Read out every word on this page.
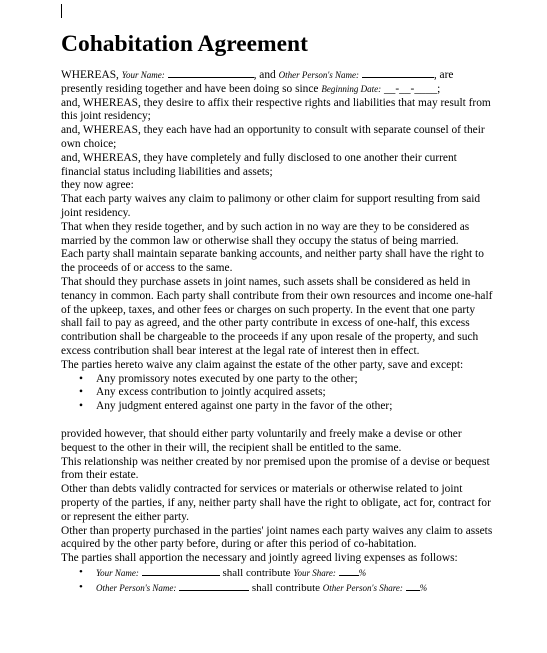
Cohabitation Agreement

WHEREAS, Your Name:	, and Other Person's Name:	, are presently residing together and have been doing so since Beginning Date: __-__-____;

and, WHEREAS, they desire to affix their respective rights and liabilities that may result from this joint residency;

and, WHEREAS, they each have had an opportunity to consult with separate counsel of their own choice;

and, WHEREAS, they have completely and fully disclosed to one another their current financial status including liabilities and assets;

they now agree:

That each party waives any claim to palimony or other claim for support resulting from said joint residency.

That when they reside together, and by such action in no way are they to be considered as married by the common law or otherwise shall they occupy the status of being married.

Each party shall maintain separate banking accounts, and neither party shall have the right to the proceeds of or access to the same.

That should they purchase assets in joint names, such assets shall be considered as held in tenancy in common. Each party shall contribute from their own resources and income one-half of the upkeep, taxes, and other fees or charges on such property. In the event that one party shall fail to pay as agreed, and the other party contribute in excess of one-half, this excess contribution shall be chargeable to the proceeds if any upon resale of the property, and such excess contribution shall bear interest at the legal rate of interest then in effect.

The parties hereto waive any claim against the estate of the other party, save and except:

• Any promissory notes executed by one party to the other;
• Any excess contribution to jointly acquired assets;
• Any judgment entered against one party in the favor of the other;

provided however, that should either party voluntarily and freely make a devise or other bequest to the other in their will, the recipient shall be entitled to the same.

This relationship was neither created by nor premised upon the promise of a devise or bequest from their estate.

Other than debts validly contracted for services or materials or otherwise related to joint property of the parties, if any, neither party shall have the right to obligate, act for, contract for or represent the either party.

Other than property purchased in the parties' joint names each party waives any claim to assets acquired by the other party before, during or after this period of co-habitation.

The parties shall apportion the necessary and jointly agreed living expenses as follows:

• Your Name:	shall contribute Your Share:	%
• Other Person's Name:	shall contribute Other Person's Share: %
